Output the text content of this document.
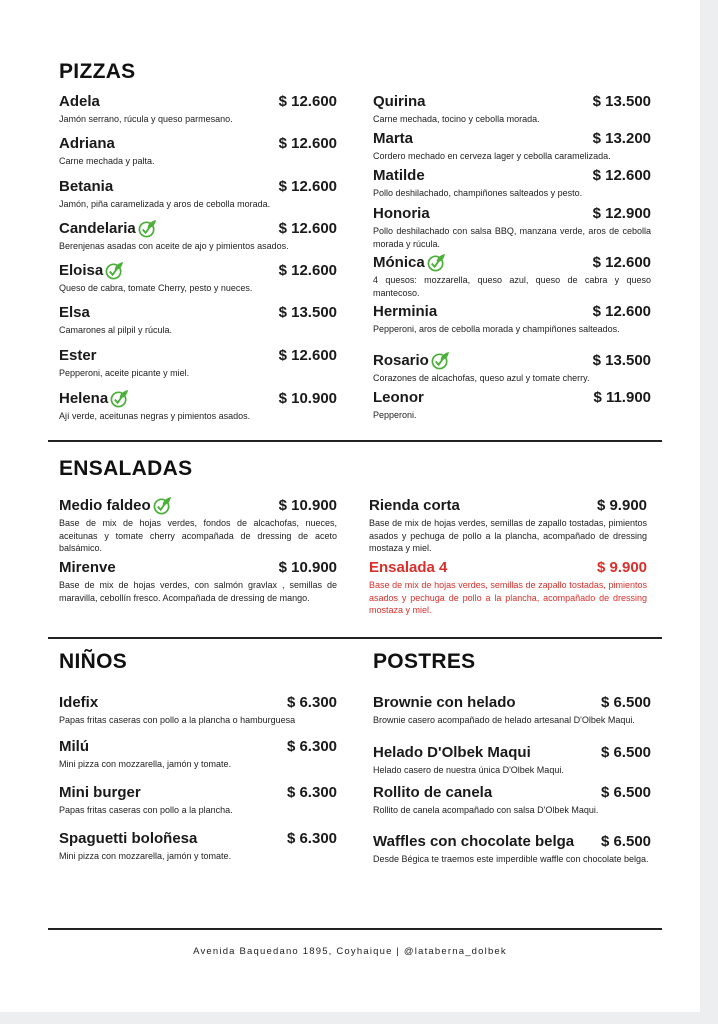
PIZZAS
ENSALADAS
NIÑOS	POSTRES
Adela	$ 12.600
Jamón serrano, rúcula y queso parmesano.
Adriana	$ 12.600
Carne mechada y palta.
Betania	$ 12.600
Jamón, piña caramelizada y aros de cebolla morada.
Candelaria	$ 12.600
Berenjenas asadas con aceite de ajo y pimientos asados.
Eloisa	$ 12.600
Queso de cabra, tomate Cherry, pesto y nueces.
Elsa	$ 13.500
Camarones al pilpil y rúcula.
Ester	$ 12.600
Pepperoni, aceite picante y miel.
Helena	$ 10.900
Ají verde, aceitunas negras y pimientos asados.
Quirina	$ 13.500
Carne mechada, tocino y cebolla morada.
Marta	$ 13.200
Cordero mechado en cerveza lager y cebolla caramelizada.
Matilde	$ 12.600
Pollo deshilachado, champiñones salteados y pesto.
Honoria	$ 12.900
Pollo deshilachado con salsa BBQ, manzana verde, aros de cebolla morada y rúcula.
Mónica	$ 12.600
4 quesos: mozzarella, queso azul, queso de cabra y queso mantecoso.
Herminia	$ 12.600
Pepperoni, aros de cebolla morada y champiñones salteados.
Rosario	$ 13.500
Corazones de alcachofas, queso azul y tomate cherry.
Leonor	$ 11.900
Pepperoni.
Medio faldeo	$ 10.900
Base de mix de hojas verdes, fondos de alcachofas, nueces, aceitunas y tomate cherry acompañada de dressing de aceto balsámico.
Mirenve	$ 10.900
Base de mix de hojas verdes, con salmón gravlax , semillas de maravilla, cebollín fresco. Acompañada de dressing de mango.
Rienda corta	$ 9.900
Base de mix de hojas verdes, semillas de zapallo tostadas, pimientos asados y pechuga de pollo a la plancha, acompañado de dressing mostaza y miel.
Ensalada 4	$ 9.900
Base de mix de hojas verdes, semillas de zapallo tostadas, pimientos asados y pechuga de pollo a la plancha, acompañado de dressing mostaza y miel.
Idefix	$ 6.300
Papas fritas caseras con pollo a la plancha o hamburguesa
Milú	$ 6.300
Mini pizza con mozzarella, jamón y tomate.
Mini burger	$ 6.300
Papas fritas caseras con pollo a la plancha.
Spaguetti boloñesa	$ 6.300
Mini pizza con mozzarella, jamón y tomate.
Brownie con helado	$ 6.500
Brownie casero acompañado de helado artesanal D'Olbek Maqui.
Helado D'Olbek Maqui	$ 6.500
Helado casero de nuestra única D'Olbek Maqui.
Rollito de canela	$ 6.500
Rollito de canela acompañado con salsa D'Olbek Maqui.
Waffles con chocolate belga $ 6.500
Desde Bégica te traemos este imperdible waffle con chocolate belga.
Avenida Baquedano 1895, Coyhaique | @lataberna_dolbek
